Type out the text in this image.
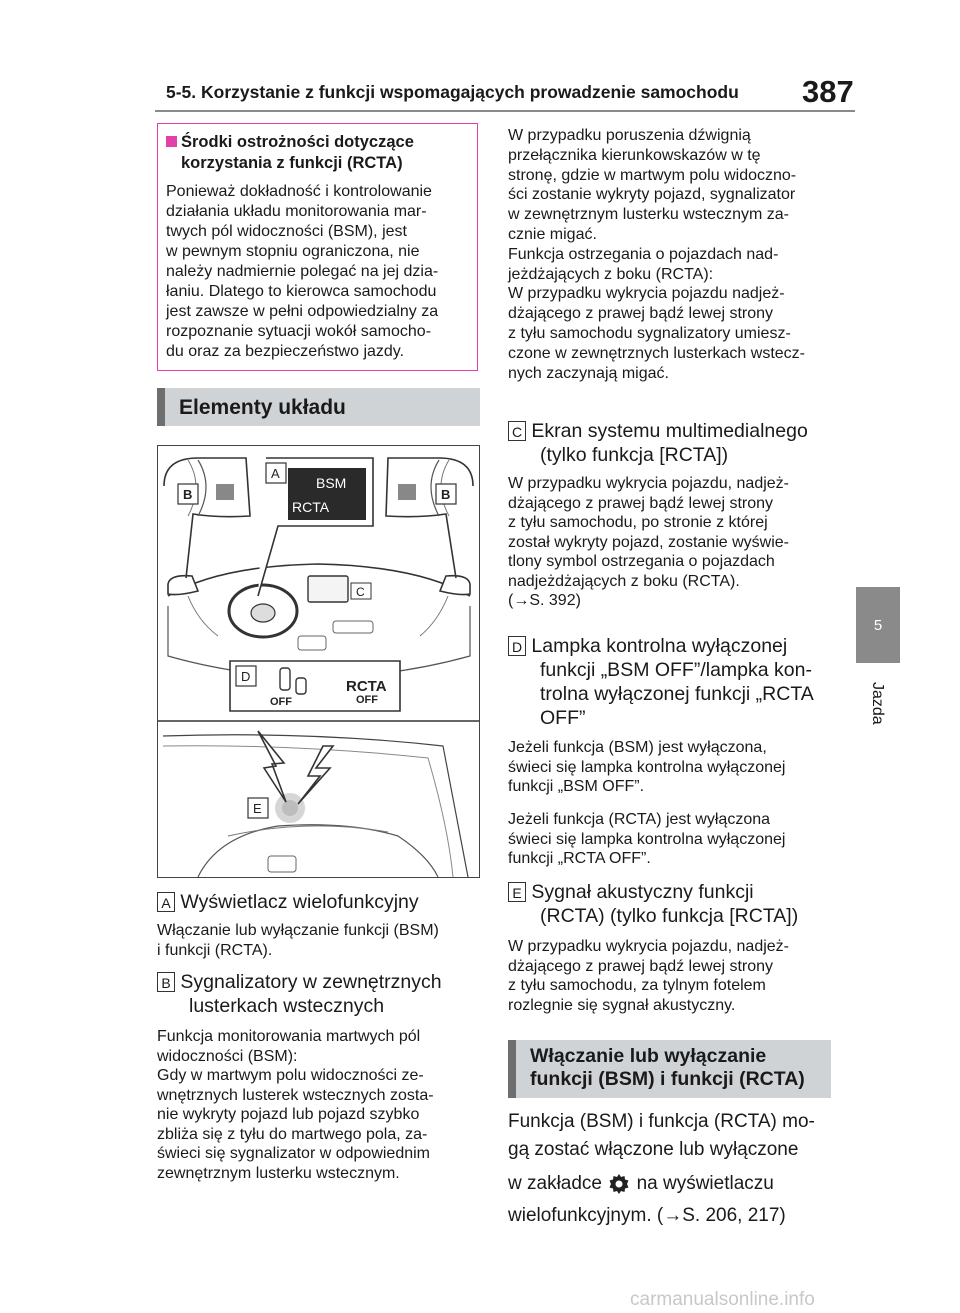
5-5. Korzystanie z funkcji wspomagających prowadzenie samochodu 387
5
Jazda
Środki ostrożności dotyczące
korzystania z funkcji (RCTA)
Ponieważ dokładność i kontrolowanie
działania układu monitorowania mar-
twych pól widoczności (BSM), jest
w pewnym stopniu ograniczona, nie
należy nadmiernie polegać na jej dzia-
łaniu. Dlatego to kierowca samochodu
jest zawsze w pełni odpowiedzialny za
rozpoznanie sytuacji wokół samocho-
du oraz za bezpieczeństwo jazdy.
Elementy układu
C
B	B
BSM
RCTA
A
D
OFF
RCTA
OFF
E
A Wyświetlacz wielofunkcyjny
Włączanie lub wyłączanie funkcji (BSM)
i funkcji (RCTA).
B Sygnalizatory w zewnętrznych
lusterkach wstecznych
Funkcja monitorowania martwych pól
widoczności (BSM):
Gdy w martwym polu widoczności ze-
wnętrznych lusterek wstecznych zosta-
nie wykryty pojazd lub pojazd szybko
zbliża się z tyłu do martwego pola, za-
świeci się sygnalizator w odpowiednim
zewnętrznym lusterku wstecznym.
W przypadku poruszenia dźwignią
przełącznika kierunkowskazów w tę
stronę, gdzie w martwym polu widoczno-
ści zostanie wykryty pojazd, sygnalizator
w zewnętrznym lusterku wstecznym za-
cznie migać.
Funkcja ostrzegania o pojazdach nad-
jeżdżających z boku (RCTA):
W przypadku wykrycia pojazdu nadjeż-
dżającego z prawej bądź lewej strony
z tyłu samochodu sygnalizatory umiesz-
czone w zewnętrznych lusterkach wstecz-
nych zaczynają migać.
C Ekran systemu multimedialnego
(tylko funkcja [RCTA])
W przypadku wykrycia pojazdu, nadjeż-
dżającego z prawej bądź lewej strony
z tyłu samochodu, po stronie z której
został wykryty pojazd, zostanie wyświe-
tlony symbol ostrzegania o pojazdach
nadjeżdżających z boku (RCTA).
(→S. 392)
D Lampka kontrolna wyłączonej
funkcji „BSM OFF”/lampka kon-
trolna wyłączonej funkcji „RCTA
OFF”
Jeżeli funkcja (BSM) jest wyłączona,
świeci się lampka kontrolna wyłączonej
funkcji „BSM OFF”.
Jeżeli funkcja (RCTA) jest wyłączona
świeci się lampka kontrolna wyłączonej
funkcji „RCTA OFF”.
E Sygnał akustyczny funkcji
(RCTA) (tylko funkcja [RCTA])
W przypadku wykrycia pojazdu, nadjeż-
dżającego z prawej bądź lewej strony
z tyłu samochodu, za tylnym fotelem
rozlegnie się sygnał akustyczny.
Włączanie lub wyłączanie
funkcji (BSM) i funkcji (RCTA)
Funkcja (BSM) i funkcja (RCTA) mo-
gą zostać włączone lub wyłączone
w zakładce na wyświetlaczu
wielofunkcyjnym. (→S. 206, 217)
carmanualsonline.info
